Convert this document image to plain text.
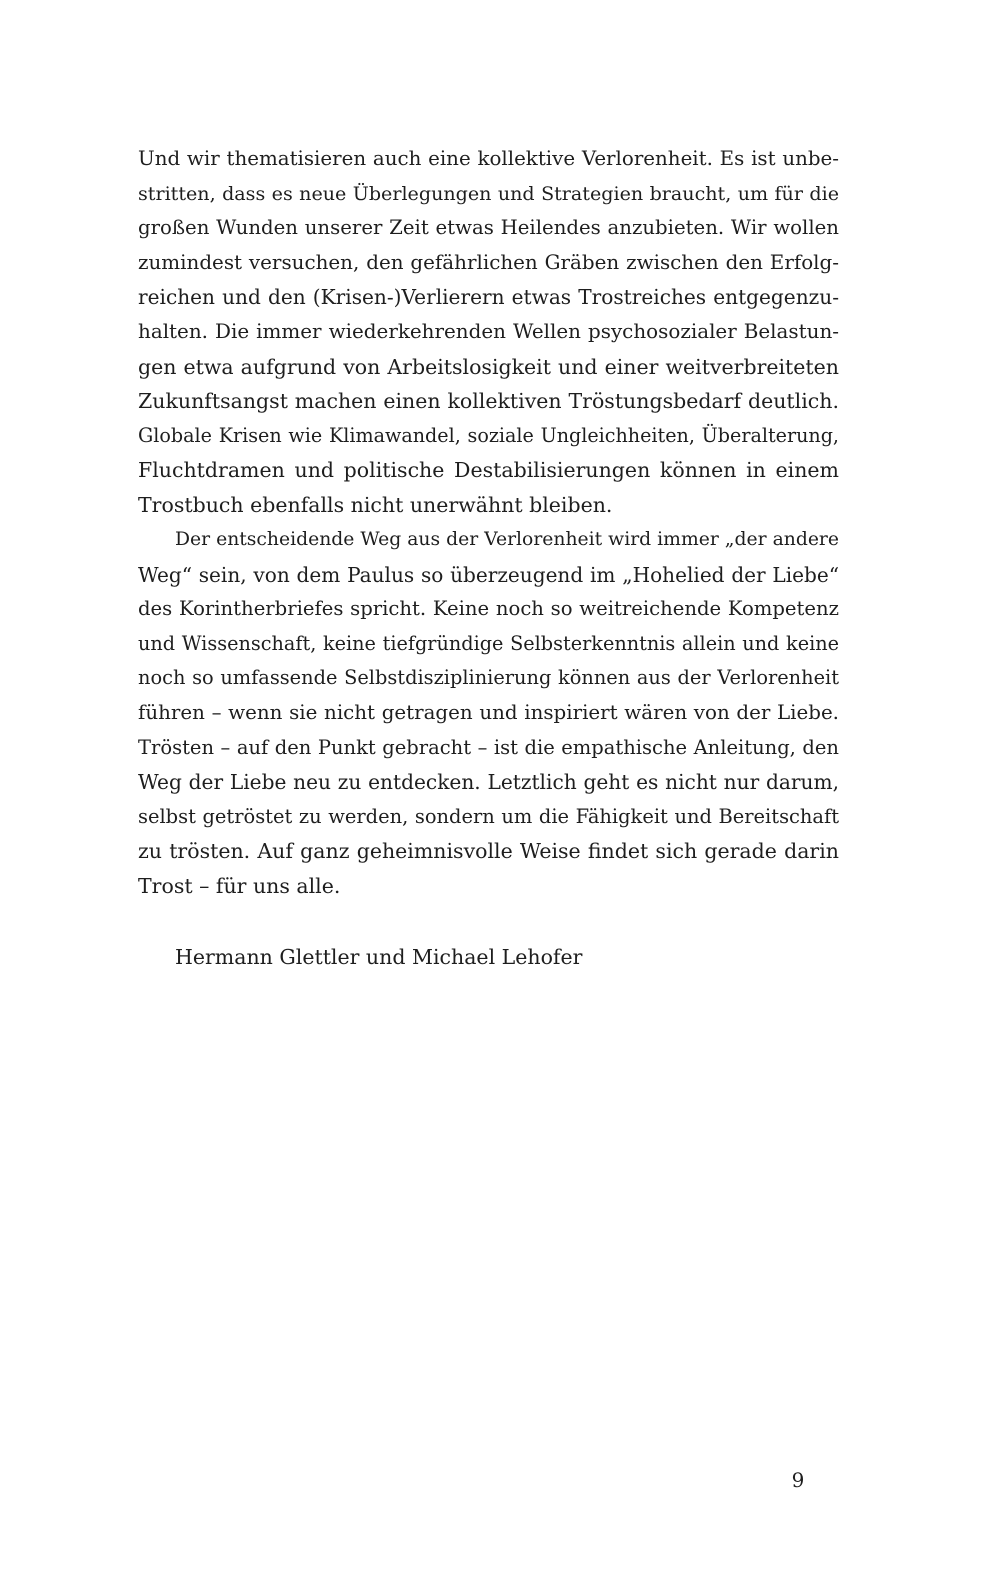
Und wir thematisieren auch eine kollektive Verlorenheit. Es ist unbe-
stritten, dass es neue Überlegungen und Strategien braucht, um für die
großen Wunden unserer Zeit etwas Heilendes anzubieten. Wir wollen
zumindest versuchen, den gefährlichen Gräben zwischen den Erfolg-
reichen und den (Krisen-)Verlierern etwas Trostreiches entgegenzu-
halten. Die immer wiederkehrenden Wellen psychosozialer Belastun-
gen etwa aufgrund von Arbeitslosigkeit und einer weitverbreiteten
Zukunftsangst machen einen kollektiven Tröstungsbedarf deutlich.
Globale Krisen wie Klimawandel, soziale Ungleichheiten, Überalterung,
Fluchtdramen und politische Destabilisierungen können in einem
Trostbuch ebenfalls nicht unerwähnt bleiben.
Der entscheidende Weg aus der Verlorenheit wird immer „der andere
Weg“ sein, von dem Paulus so überzeugend im „Hohelied der Liebe“
des Korintherbriefes spricht. Keine noch so weitreichende Kompetenz
und Wissenschaft, keine tiefgründige Selbsterkenntnis allein und keine
noch so umfassende Selbstdisziplinierung können aus der Verlorenheit
führen – wenn sie nicht getragen und inspiriert wären von der Liebe.
Trösten – auf den Punkt gebracht – ist die empathische Anleitung, den
Weg der Liebe neu zu entdecken. Letztlich geht es nicht nur darum,
selbst getröstet zu werden, sondern um die Fähigkeit und Bereitschaft
zu trösten. Auf ganz geheimnisvolle Weise findet sich gerade darin
Trost – für uns alle.
Hermann Glettler und Michael Lehofer
9
